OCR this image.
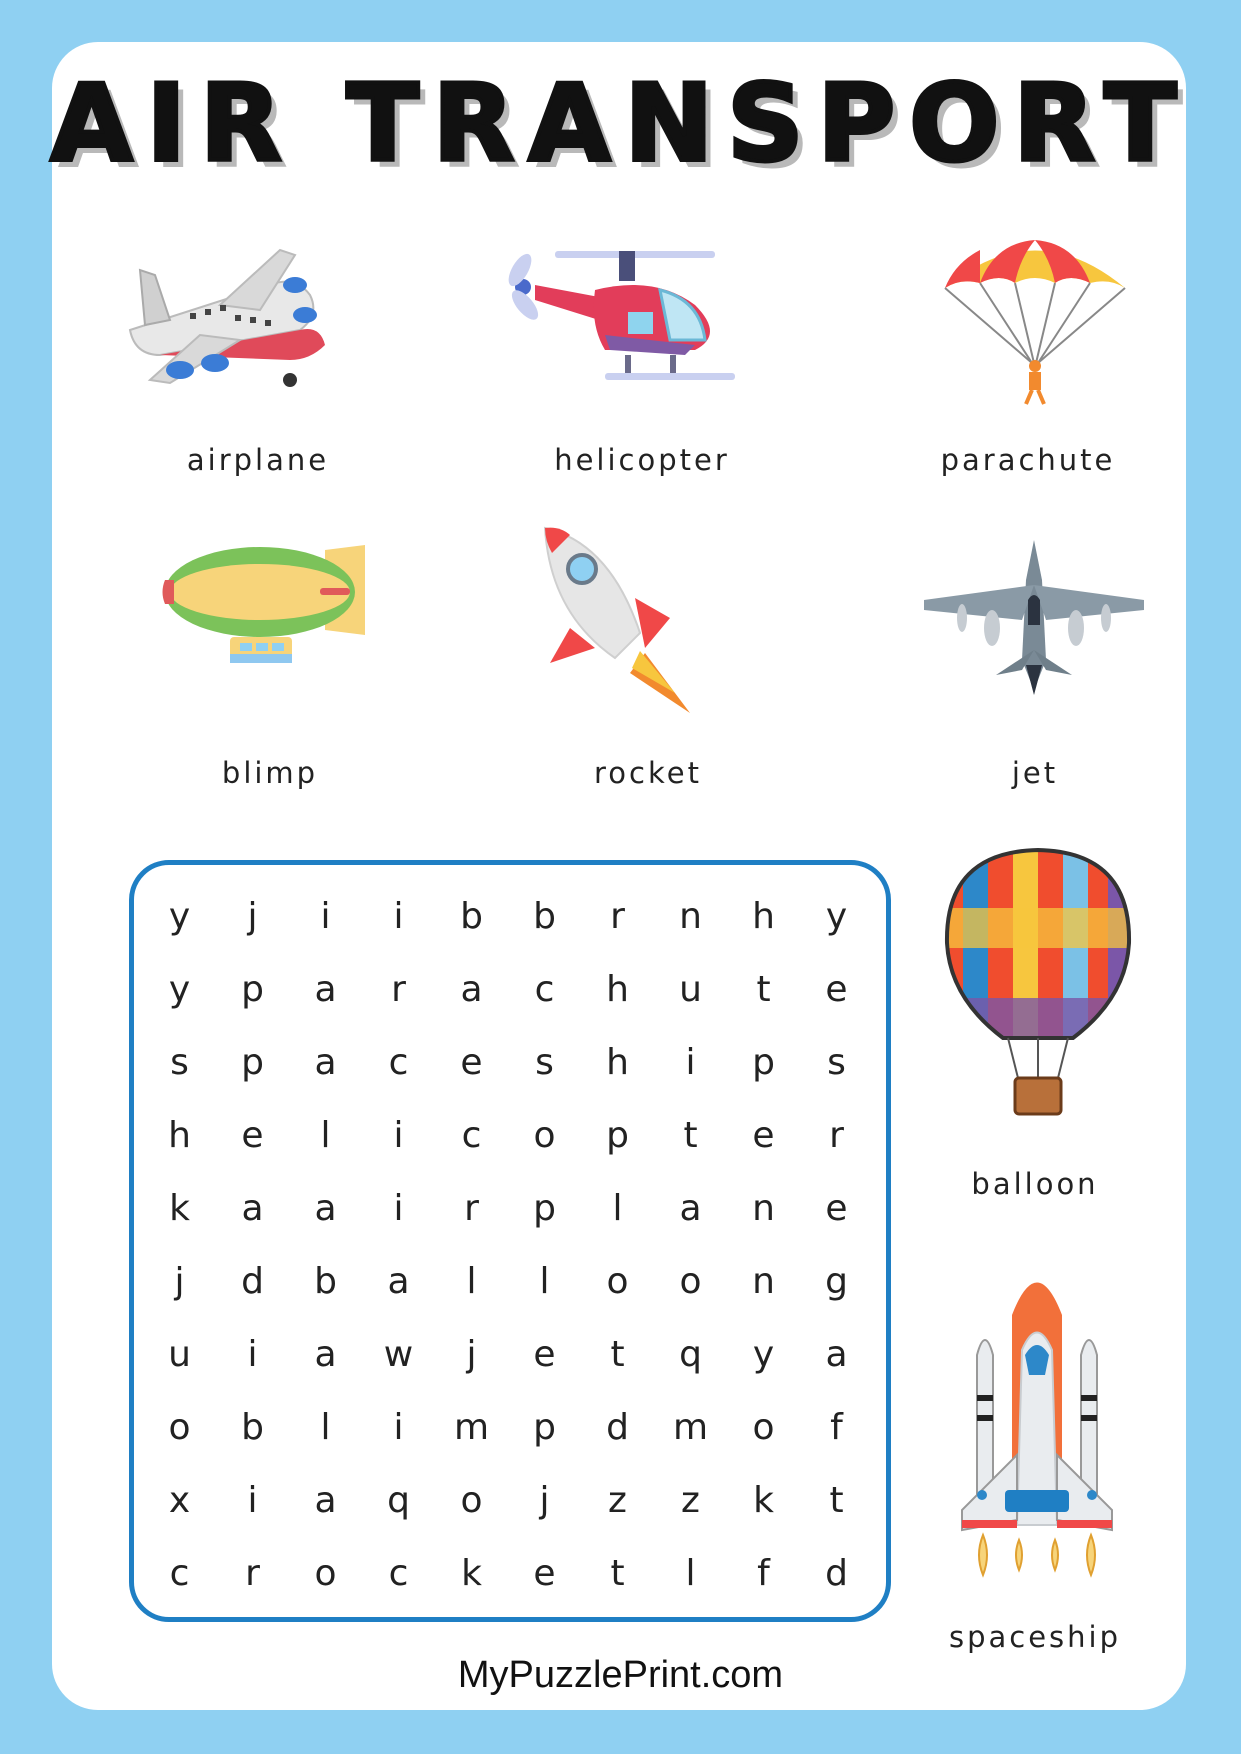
AIR TRANSPORT
airplane	helicopter	parachute
blimp	rocket	jet
balloon
spaceship
y	j	i	i	b	b	r	n	h	y
y	p	a	r	a	c	h	u	t	e
s	p	a	c	e	s	h	i	p	s
h	e	l	i	c	o	p	t	e	r
k	a	a	i	r	p	l	a	n	e
j	d	b	a	l	l	o	o	n	g
u	i	a	w	j	e	t	q	y	a
o	b	l	i	m	p	d	m	o	f
x	i	a	q	o	j	z	z	k	t
c	r	o	c	k	e	t	l	f	d
MyPuzzlePrint.com
